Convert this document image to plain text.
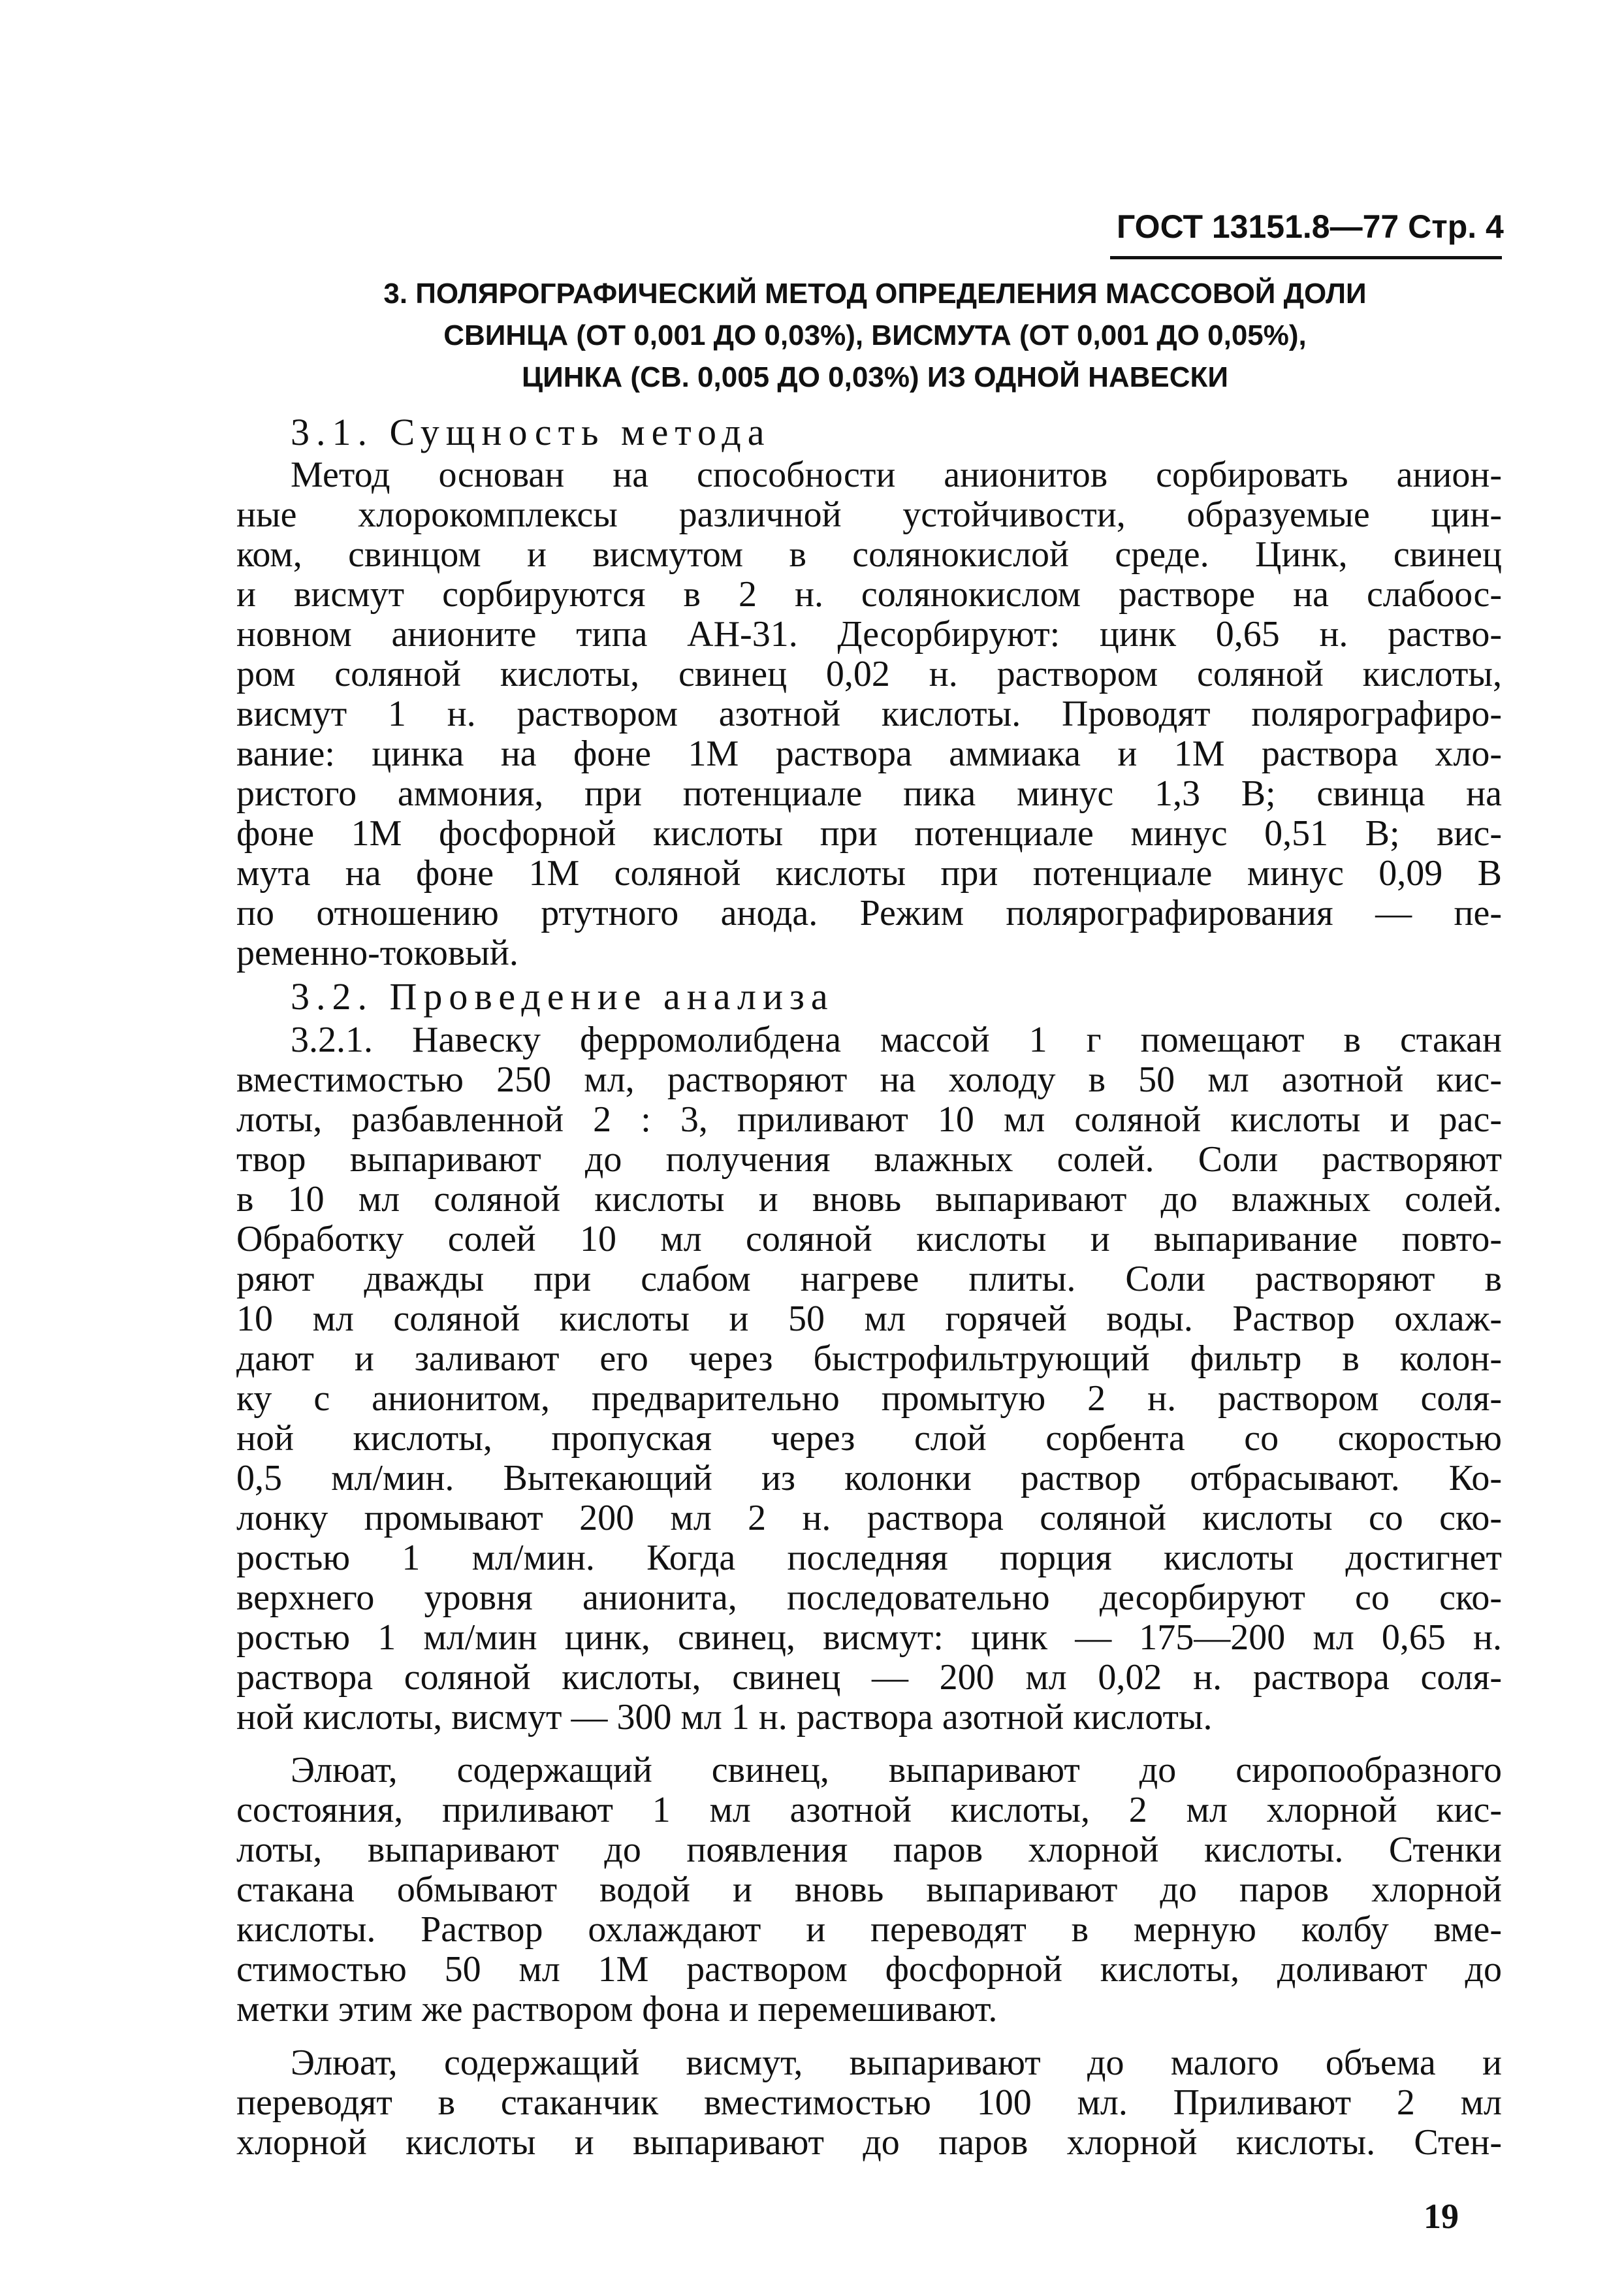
ГОСТ 13151.8—77 Стр. 4
3. ПОЛЯРОГРАФИЧЕСКИЙ МЕТОД ОПРЕДЕЛЕНИЯ МАССОВОЙ ДОЛИ
СВИНЦА (ОТ 0,001 ДО 0,03%), ВИСМУТА (ОТ 0,001 ДО 0,05%),
ЦИНКА (СВ. 0,005 ДО 0,03%) ИЗ ОДНОЙ НАВЕСКИ
3.1. Сущность метода
Метод основан на способности анионитов сорбировать анион-
ные хлорокомплексы различной устойчивости, образуемые цин-
ком, свинцом и висмутом в солянокислой среде. Цинк, свинец
и висмут сорбируются в 2 н. солянокислом растворе на слабоос-
новном анионите типа АН-31. Десорбируют: цинк 0,65 н. раство-
ром соляной кислоты, свинец 0,02 н. раствором соляной кислоты,
висмут 1 н. раствором азотной кислоты. Проводят полярографиро-
вание: цинка на фоне 1М раствора аммиака и 1М раствора хло-
ристого аммония, при потенциале пика минус 1,3 В; свинца на
фоне 1М фосфорной кислоты при потенциале минус 0,51 В; вис-
мута на фоне 1М соляной кислоты при потенциале минус 0,09 В
по отношению ртутного анода. Режим полярографирования — пе-
ременно-токовый.
3.2. Проведение анализа
3.2.1. Навеску ферромолибдена массой 1 г помещают в стакан
вместимостью 250 мл, растворяют на холоду в 50 мл азотной кис-
лоты, разбавленной 2 : 3, приливают 10 мл соляной кислоты и рас-
твор выпаривают до получения влажных солей. Соли растворяют
в 10 мл соляной кислоты и вновь выпаривают до влажных солей.
Обработку солей 10 мл соляной кислоты и выпаривание повто-
ряют дважды при слабом нагреве плиты. Соли растворяют в
10 мл соляной кислоты и 50 мл горячей воды. Раствор охлаж-
дают и заливают его через быстрофильтрующий фильтр в колон-
ку с анионитом, предварительно промытую 2 н. раствором соля-
ной кислоты, пропуская через слой сорбента со скоростью
0,5 мл/мин. Вытекающий из колонки раствор отбрасывают. Ко-
лонку промывают 200 мл 2 н. раствора соляной кислоты со ско-
ростью 1 мл/мин. Когда последняя порция кислоты достигнет
верхнего уровня анионита, последовательно десорбируют со ско-
ростью 1 мл/мин цинк, свинец, висмут: цинк — 175—200 мл 0,65 н.
раствора соляной кислоты, свинец — 200 мл 0,02 н. раствора соля-
ной кислоты, висмут — 300 мл 1 н. раствора азотной кислоты.
Элюат, содержащий свинец, выпаривают до сиропообразного
состояния, приливают 1 мл азотной кислоты, 2 мл хлорной кис-
лоты, выпаривают до появления паров хлорной кислоты. Стенки
стакана обмывают водой и вновь выпаривают до паров хлорной
кислоты. Раствор охлаждают и переводят в мерную колбу вме-
стимостью 50 мл 1М раствором фосфорной кислоты, доливают до
метки этим же раствором фона и перемешивают.
Элюат, содержащий висмут, выпаривают до малого объема и
переводят в стаканчик вместимостью 100 мл. Приливают 2 мл
хлорной кислоты и выпаривают до паров хлорной кислоты. Стен-
19
